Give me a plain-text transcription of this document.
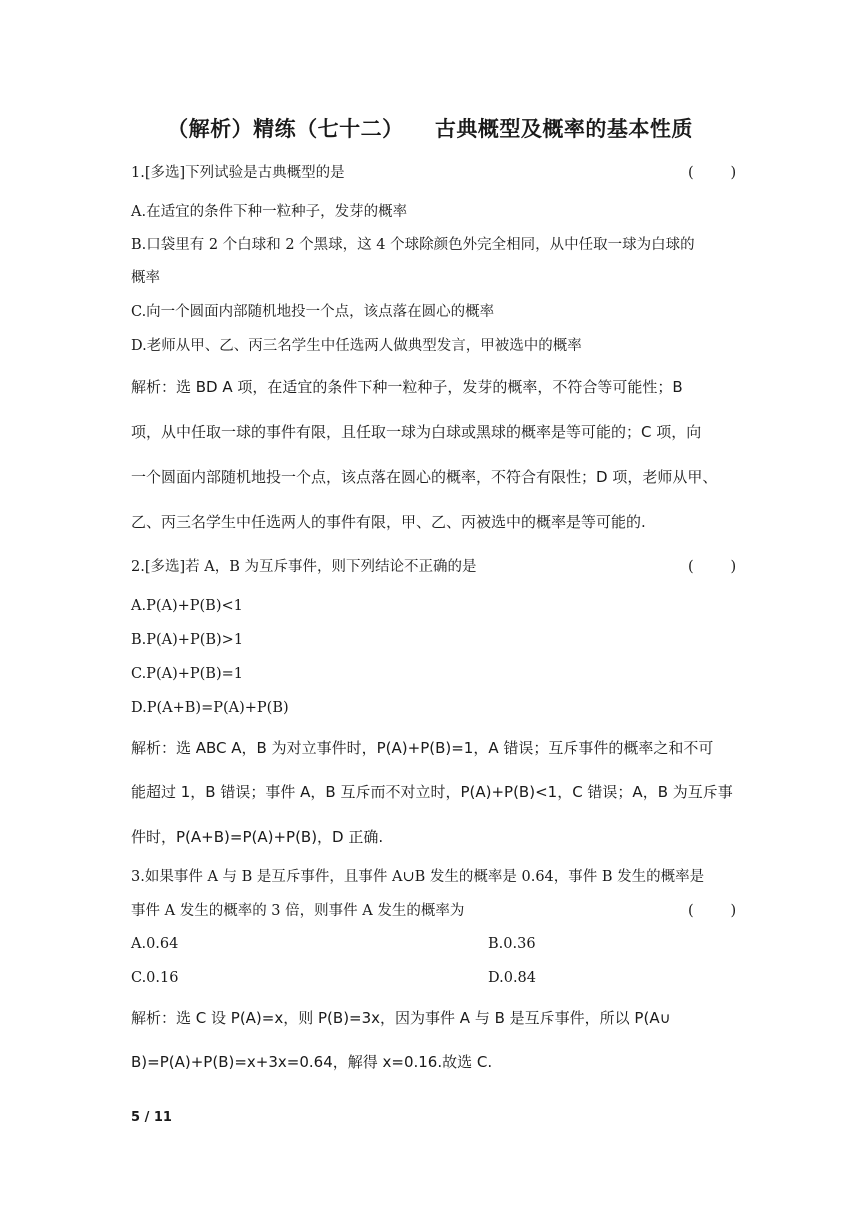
（解析）精练（七十二）    古典概型及概率的基本性质
1.[多选]下列试验是古典概型的是	(        )
A.在适宜的条件下种一粒种子，发芽的概率
B.口袋里有 2 个白球和 2 个黑球，这 4 个球除颜色外完全相同，从中任取一球为白球的
概率
C.向一个圆面内部随机地投一个点，该点落在圆心的概率
D.老师从甲、乙、丙三名学生中任选两人做典型发言，甲被选中的概率
解析：选 BD A 项，在适宜的条件下种一粒种子，发芽的概率，不符合等可能性；B
项，从中任取一球的事件有限，且任取一球为白球或黑球的概率是等可能的；C 项，向
一个圆面内部随机地投一个点，该点落在圆心的概率，不符合有限性；D 项，老师从甲、
乙、丙三名学生中任选两人的事件有限，甲、乙、丙被选中的概率是等可能的.
2.[多选]若 A，B 为互斥事件，则下列结论不正确的是	(        )
A.P(A)+P(B)<1
B.P(A)+P(B)>1
C.P(A)+P(B)=1
D.P(A+B)=P(A)+P(B)
解析：选 ABC A，B 为对立事件时，P(A)+P(B)=1，A 错误；互斥事件的概率之和不可
能超过 1，B 错误；事件 A，B 互斥而不对立时，P(A)+P(B)<1，C 错误；A，B 为互斥事
件时，P(A+B)=P(A)+P(B)，D 正确.
3.如果事件 A 与 B 是互斥事件，且事件 A∪B 发生的概率是 0.64，事件 B 发生的概率是
事件 A 发生的概率的 3 倍，则事件 A 发生的概率为	(        )
A.0.64	B.0.36
C.0.16	D.0.84
解析：选 C 设 P(A)=x，则 P(B)=3x，因为事件 A 与 B 是互斥事件，所以 P(A∪
B)=P(A)+P(B)=x+3x=0.64，解得 x=0.16.故选 C.
5 / 11
